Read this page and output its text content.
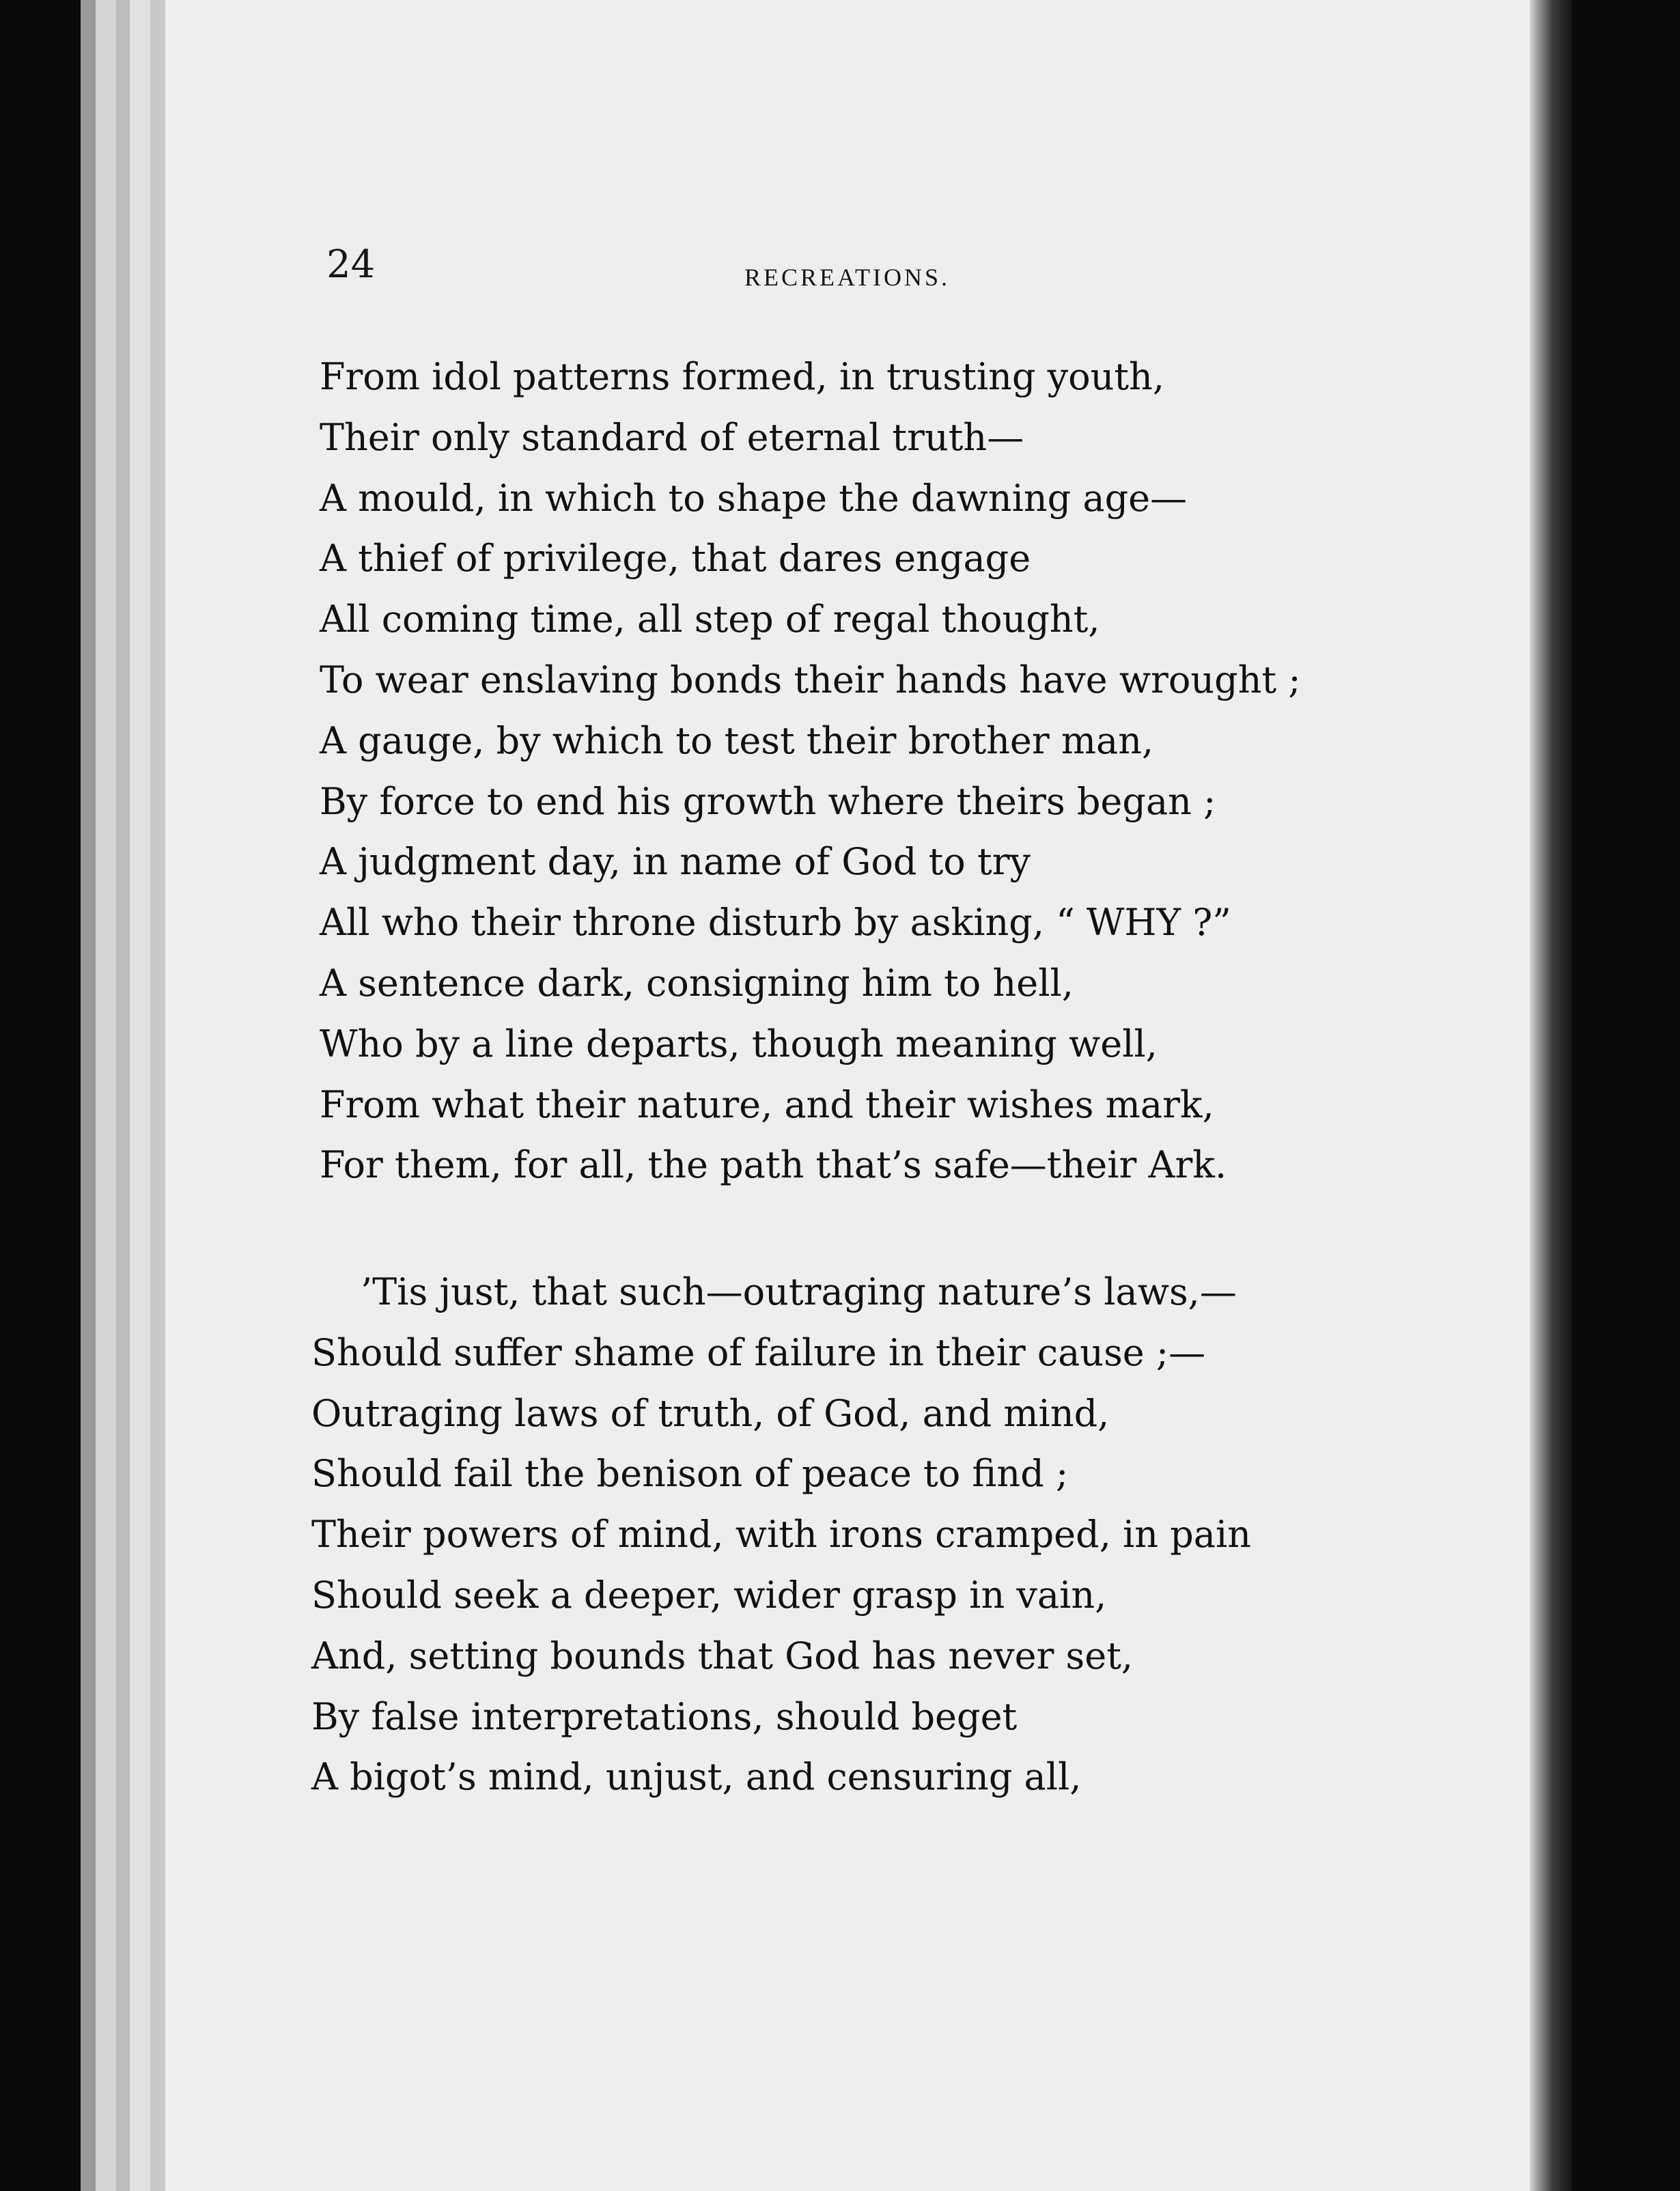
24	RECREATIONS.
From idol patterns formed, in trusting youth,
Their only standard of eternal truth—
A mould, in which to shape the dawning age—
A thief of privilege, that dares engage
All coming time, all step of regal thought,
To wear enslaving bonds their hands have wrought ;
A gauge, by which to test their brother man,
By force to end his growth where theirs began ;
A judgment day, in name of God to try
All who their throne disturb by asking, “ WHY ?”
A sentence dark, consigning him to hell,
Who by a line departs, though meaning well,
From what their nature, and their wishes mark,
For them, for all, the path that’s safe—their Ark.
’Tis just, that such—outraging nature’s laws,—
Should suffer shame of failure in their cause ;—
Outraging laws of truth, of God, and mind,
Should fail the benison of peace to find ;
Their powers of mind, with irons cramped, in pain
Should seek a deeper, wider grasp in vain,
And, setting bounds that God has never set,
By false interpretations, should beget
A bigot’s mind, unjust, and censuring all,
